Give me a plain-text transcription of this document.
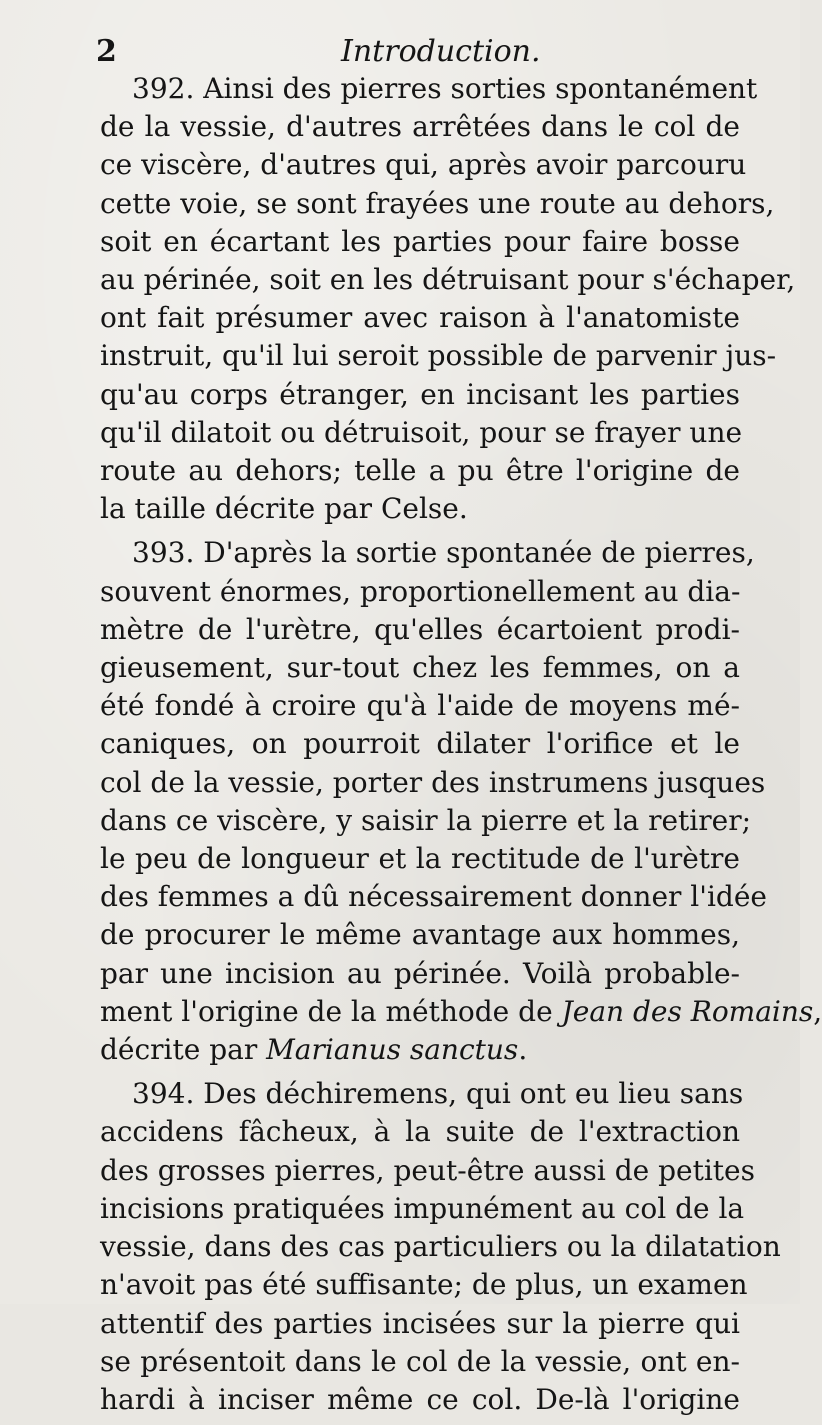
2	Introduction.
392. Ainsi des pierres sorties spontanément
de la vessie, d'autres arrêtées dans le col de
ce viscère, d'autres qui, après avoir parcouru
cette voie, se sont frayées une route au dehors,
soit en écartant les parties pour faire bosse
au périnée, soit en les détruisant pour s'échaper,
ont fait présumer avec raison à l'anatomiste
instruit, qu'il lui seroit possible de parvenir jus-
qu'au corps étranger, en incisant les parties
qu'il dilatoit ou détruisoit, pour se frayer une
route au dehors; telle a pu être l'origine de
la taille décrite par Celse.
393. D'après la sortie spontanée de pierres,
souvent énormes, proportionellement au dia-
mètre de l'urètre, qu'elles écartoient prodi-
gieusement, sur-tout chez les femmes, on a
été fondé à croire qu'à l'aide de moyens mé-
caniques, on pourroit dilater l'orifice et le
col de la vessie, porter des instrumens jusques
dans ce viscère, y saisir la pierre et la retirer;
le peu de longueur et la rectitude de l'urètre
des femmes a dû nécessairement donner l'idée
de procurer le même avantage aux hommes,
par une incision au périnée. Voilà probable-
ment l'origine de la méthode de Jean des Romains,
décrite par Marianus sanctus.
394. Des déchiremens, qui ont eu lieu sans
accidens fâcheux, à la suite de l'extraction
des grosses pierres, peut-être aussi de petites
incisions pratiquées impunément au col de la
vessie, dans des cas particuliers ou la dilatation
n'avoit pas été suffisante; de plus, un examen
attentif des parties incisées sur la pierre qui
se présentoit dans le col de la vessie, ont en-
hardi à inciser même ce col. De-là l'origine
